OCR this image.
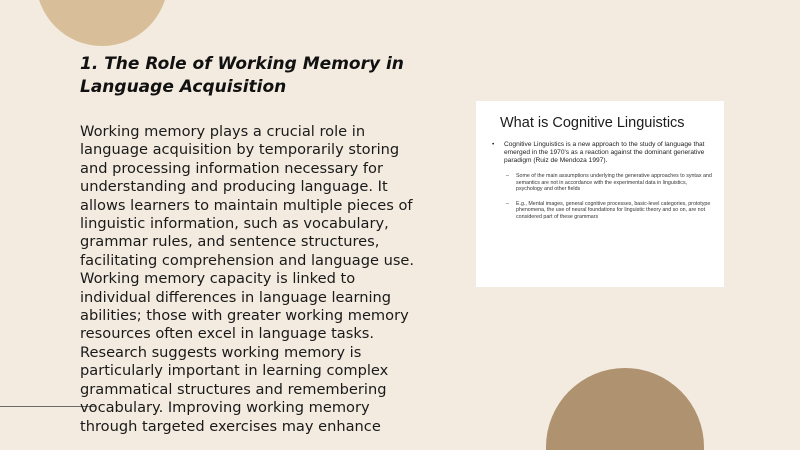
1. The Role of Working Memory in Language Acquisition

Working memory plays a crucial role in language acquisition by temporarily storing and processing information necessary for understanding and producing language. It allows learners to maintain multiple pieces of linguistic information, such as vocabulary, grammar rules, and sentence structures, facilitating comprehension and language use. Working memory capacity is linked to individual differences in language learning abilities; those with greater working memory resources often excel in language tasks. Research suggests working memory is particularly important in learning complex grammatical structures and remembering vocabulary. Improving working memory through targeted exercises may enhance

What is Cognitive Linguistics
• Cognitive Linguistics is a new approach to the study of language that emerged in the 1970's as a reaction against the dominant generative paradigm (Ruiz de Mendoza 1997).
– Some of the main assumptions underlying the generative approaches to syntax and semantics are not in accordance with the experimental data in linguistics, psychology and other fields
– E.g., Mental images, general cognitive processes, basic-level categories, prototype phenomena, the use of neural foundations for linguistic theory and so on, are not considered part of these grammars
